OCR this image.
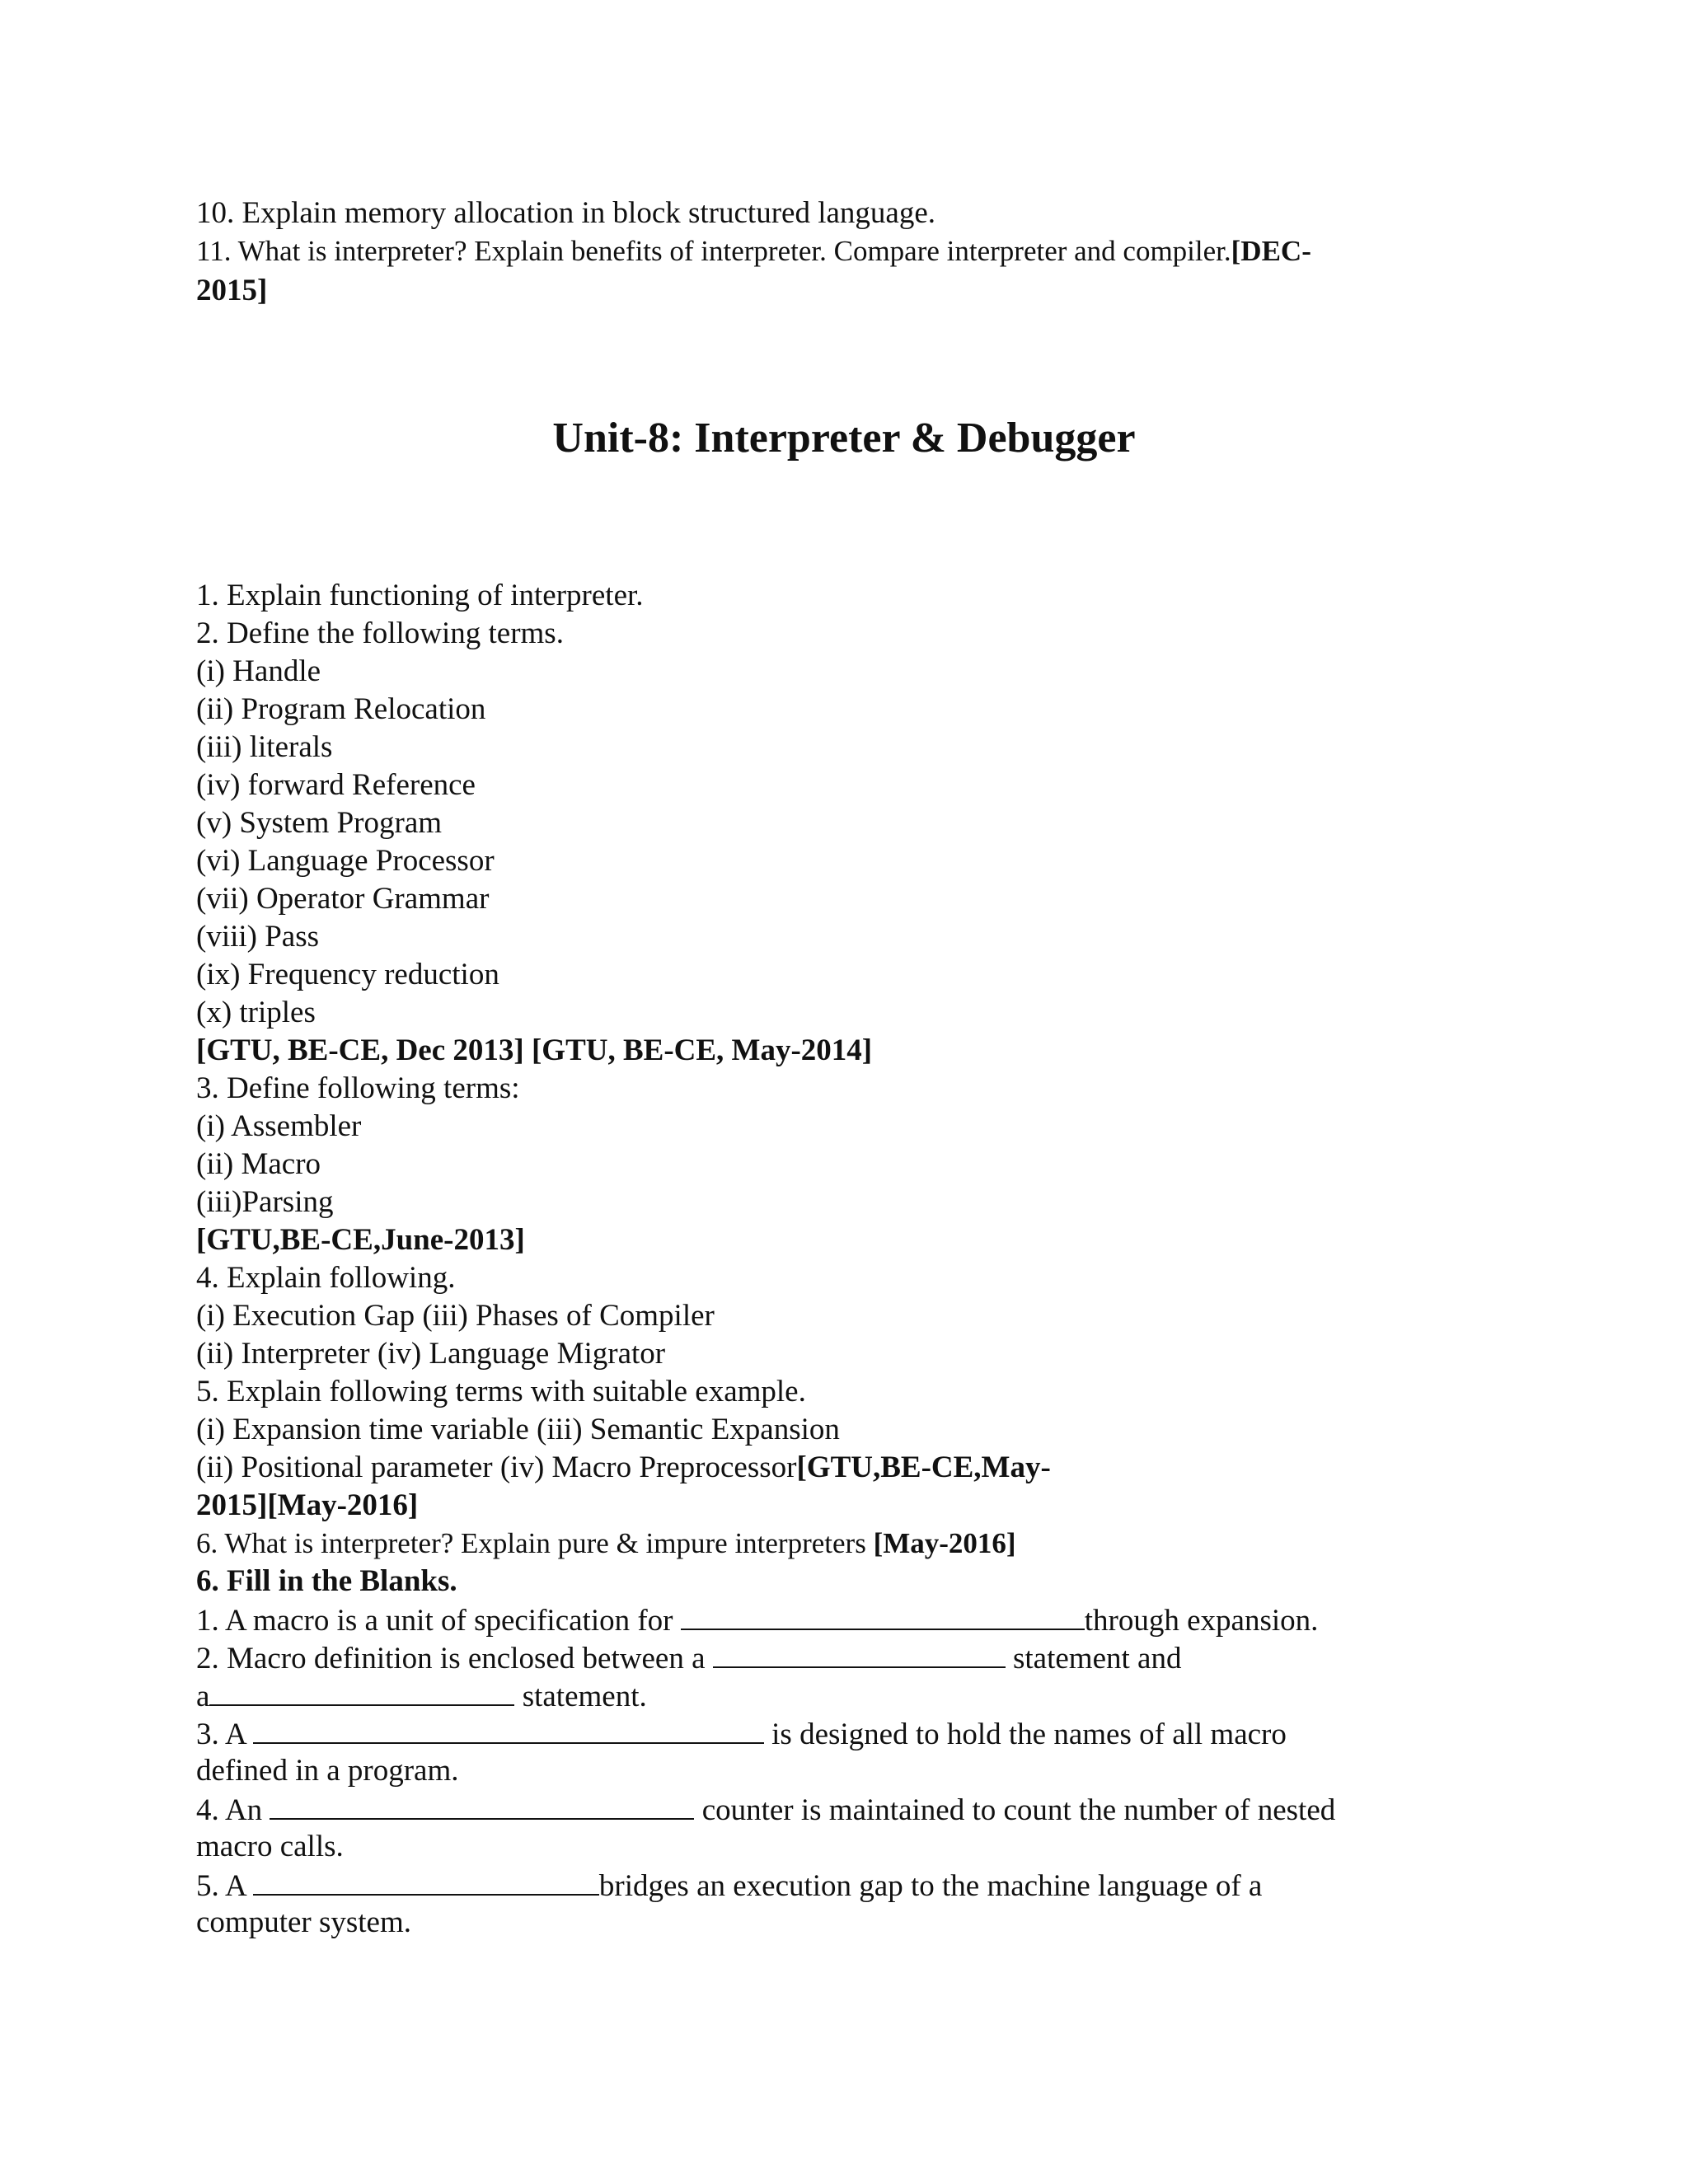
10. Explain memory allocation in block structured language.
11. What is interpreter? Explain benefits of interpreter. Compare interpreter and compiler.[DEC-
2015]
Unit-8: Interpreter & Debugger
1. Explain functioning of interpreter.
2. Define the following terms.
(i) Handle
(ii) Program Relocation
(iii) literals
(iv) forward Reference
(v) System Program
(vi) Language Processor
(vii) Operator Grammar
(viii) Pass
(ix) Frequency reduction
(x) triples
[GTU, BE-CE, Dec 2013] [GTU, BE-CE, May-2014]
3. Define following terms:
(i) Assembler
(ii) Macro
(iii)Parsing
[GTU,BE-CE,June-2013]
4. Explain following.
(i) Execution Gap (iii) Phases of Compiler
(ii) Interpreter (iv) Language Migrator
5. Explain following terms with suitable example.
(i) Expansion time variable (iii) Semantic Expansion
(ii) Positional parameter (iv) Macro Preprocessor[GTU,BE-CE,May-
2015][May-2016]
6. What is interpreter? Explain pure & impure interpreters [May-2016]
6. Fill in the Blanks.
1. A macro is a unit of specification for	through expansion.
2. Macro definition is enclosed between a	statement and
a	statement.
3. A	is designed to hold the names of all macro
defined in a program.
4. An	counter is maintained to count the number of nested
macro calls.
5. A	bridges an execution gap to the machine language of a
computer system.
